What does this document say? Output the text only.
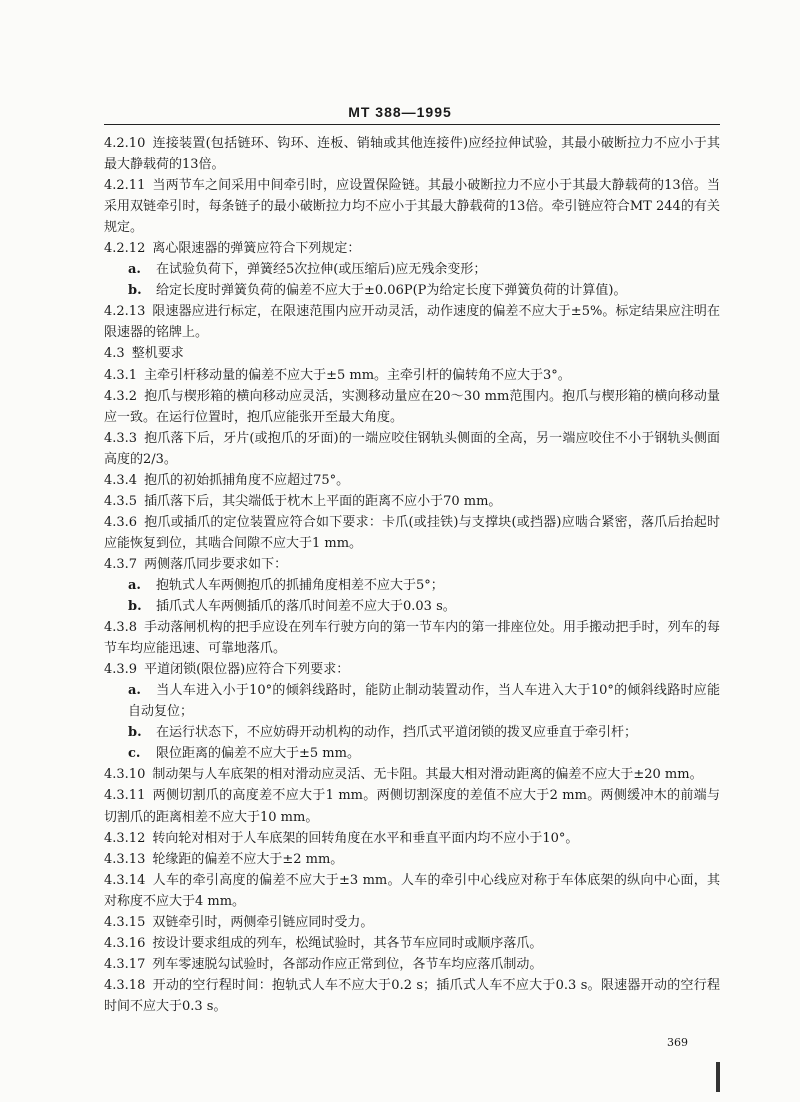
MT 388—1995

4.2.10 连接装置(包括链环、钩环、连板、销轴或其他连接件)应经拉伸试验，其最小破断拉力不应小于其最大静载荷的13倍。

4.2.11 当两节车之间采用中间牵引时，应设置保险链。其最小破断拉力不应小于其最大静载荷的13倍。当采用双链牵引时，每条链子的最小破断拉力均不应小于其最大静载荷的13倍。牵引链应符合MT 244的有关规定。

4.2.12 离心限速器的弹簧应符合下列规定：

a. 在试验负荷下，弹簧经5次拉伸(或压缩后)应无残余变形；

b. 给定长度时弹簧负荷的偏差不应大于±0.06P(P为给定长度下弹簧负荷的计算值)。

4.2.13 限速器应进行标定，在限速范围内应开动灵活，动作速度的偏差不应大于±5%。标定结果应注明在限速器的铭牌上。

4.3 整机要求

4.3.1 主牵引杆移动量的偏差不应大于±5 mm。主牵引杆的偏转角不应大于3°。

4.3.2 抱爪与楔形箱的横向移动应灵活，实测移动量应在20～30 mm范围内。抱爪与楔形箱的横向移动量应一致。在运行位置时，抱爪应能张开至最大角度。

4.3.3 抱爪落下后，牙片(或抱爪的牙面)的一端应咬住钢轨头侧面的全高，另一端应咬住不小于钢轨头侧面高度的2/3。

4.3.4 抱爪的初始抓捕角度不应超过75°。

4.3.5 插爪落下后，其尖端低于枕木上平面的距离不应小于70 mm。

4.3.6 抱爪或插爪的定位装置应符合如下要求：卡爪(或挂铁)与支撑块(或挡器)应啮合紧密，落爪后抬起时应能恢复到位，其啮合间隙不应大于1 mm。

4.3.7 两侧落爪同步要求如下：

a. 抱轨式人车两侧抱爪的抓捕角度相差不应大于5°；

b. 插爪式人车两侧插爪的落爪时间差不应大于0.03 s。

4.3.8 手动落闸机构的把手应设在列车行驶方向的第一节车内的第一排座位处。用手搬动把手时，列车的每节车均应能迅速、可靠地落爪。

4.3.9 平道闭锁(限位器)应符合下列要求：

a. 当人车进入小于10°的倾斜线路时，能防止制动装置动作，当人车进入大于10°的倾斜线路时应能自动复位；

b. 在运行状态下，不应妨碍开动机构的动作，挡爪式平道闭锁的拨叉应垂直于牵引杆；

c. 限位距离的偏差不应大于±5 mm。

4.3.10 制动架与人车底架的相对滑动应灵活、无卡阻。其最大相对滑动距离的偏差不应大于±20 mm。

4.3.11 两侧切割爪的高度差不应大于1 mm。两侧切割深度的差值不应大于2 mm。两侧缓冲木的前端与切割爪的距离相差不应大于10 mm。

4.3.12 转向轮对相对于人车底架的回转角度在水平和垂直平面内均不应小于10°。

4.3.13 轮缘距的偏差不应大于±2 mm。

4.3.14 人车的牵引高度的偏差不应大于±3 mm。人车的牵引中心线应对称于车体底架的纵向中心面，其对称度不应大于4 mm。

4.3.15 双链牵引时，两侧牵引链应同时受力。

4.3.16 按设计要求组成的列车，松绳试验时，其各节车应同时或顺序落爪。

4.3.17 列车零速脱勾试验时，各部动作应正常到位，各节车均应落爪制动。

4.3.18 开动的空行程时间：抱轨式人车不应大于0.2 s；插爪式人车不应大于0.3 s。限速器开动的空行程时间不应大于0.3 s。

369
